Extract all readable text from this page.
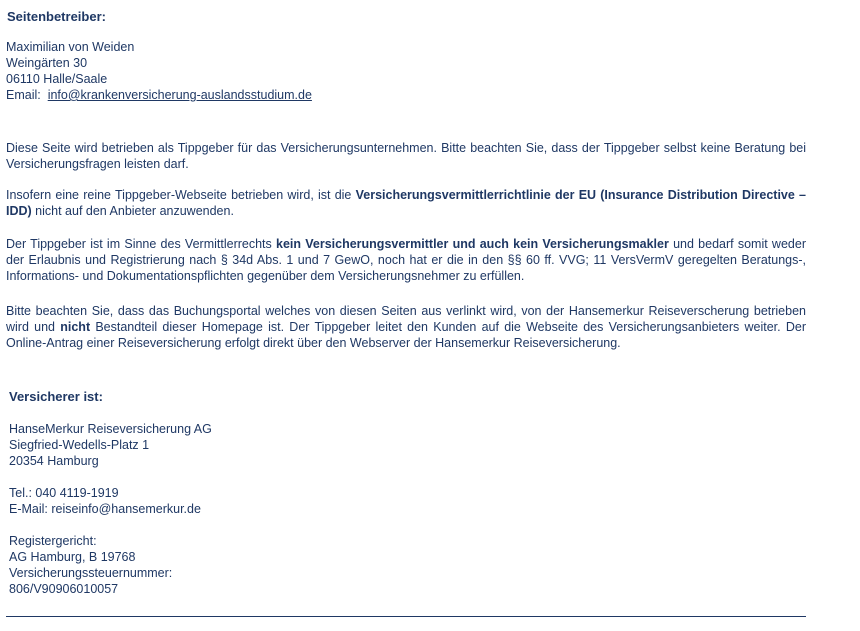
Seitenbetreiber:
Maximilian von Weiden
Weingärten 30
06110 Halle/Saale
Email: info@krankenversicherung-auslandsstudium.de
Diese Seite wird betrieben als Tippgeber für das Versicherungsunternehmen. Bitte beachten Sie, dass der Tippgeber selbst keine Beratung bei Versicherungsfragen leisten darf.
Insofern eine reine Tippgeber-Webseite betrieben wird, ist die Versicherungsvermittlerrichtlinie der EU (Insurance Distribution Directive – IDD) nicht auf den Anbieter anzuwenden.
Der Tippgeber ist im Sinne des Vermittlerrechts kein Versicherungsvermittler und auch kein Versicherungsmakler und bedarf somit weder der Erlaubnis und Registrierung nach § 34d Abs. 1 und 7 GewO, noch hat er die in den §§ 60 ff. VVG; 11 VersVermV geregelten Beratungs-, Informations- und Dokumentationspflichten gegenüber dem Versicherungsnehmer zu erfüllen.
Bitte beachten Sie, dass das Buchungsportal welches von diesen Seiten aus verlinkt wird, von der Hansemerkur Reiseverscherung betrieben wird und nicht Bestandteil dieser Homepage ist. Der Tippgeber leitet den Kunden auf die Webseite des Versicherungsanbieters weiter. Der Online-Antrag einer Reiseversicherung erfolgt direkt über den Webserver der Hansemerkur Reiseversicherung.
Versicherer ist:
HanseMerkur Reiseversicherung AG
Siegfried-Wedells-Platz 1
20354 Hamburg
Tel.: 040 4119-1919
E-Mail: reiseinfo@hansemerkur.de
Registergericht:
AG Hamburg, B 19768
Versicherungssteuernummer:
806/V90906010057
